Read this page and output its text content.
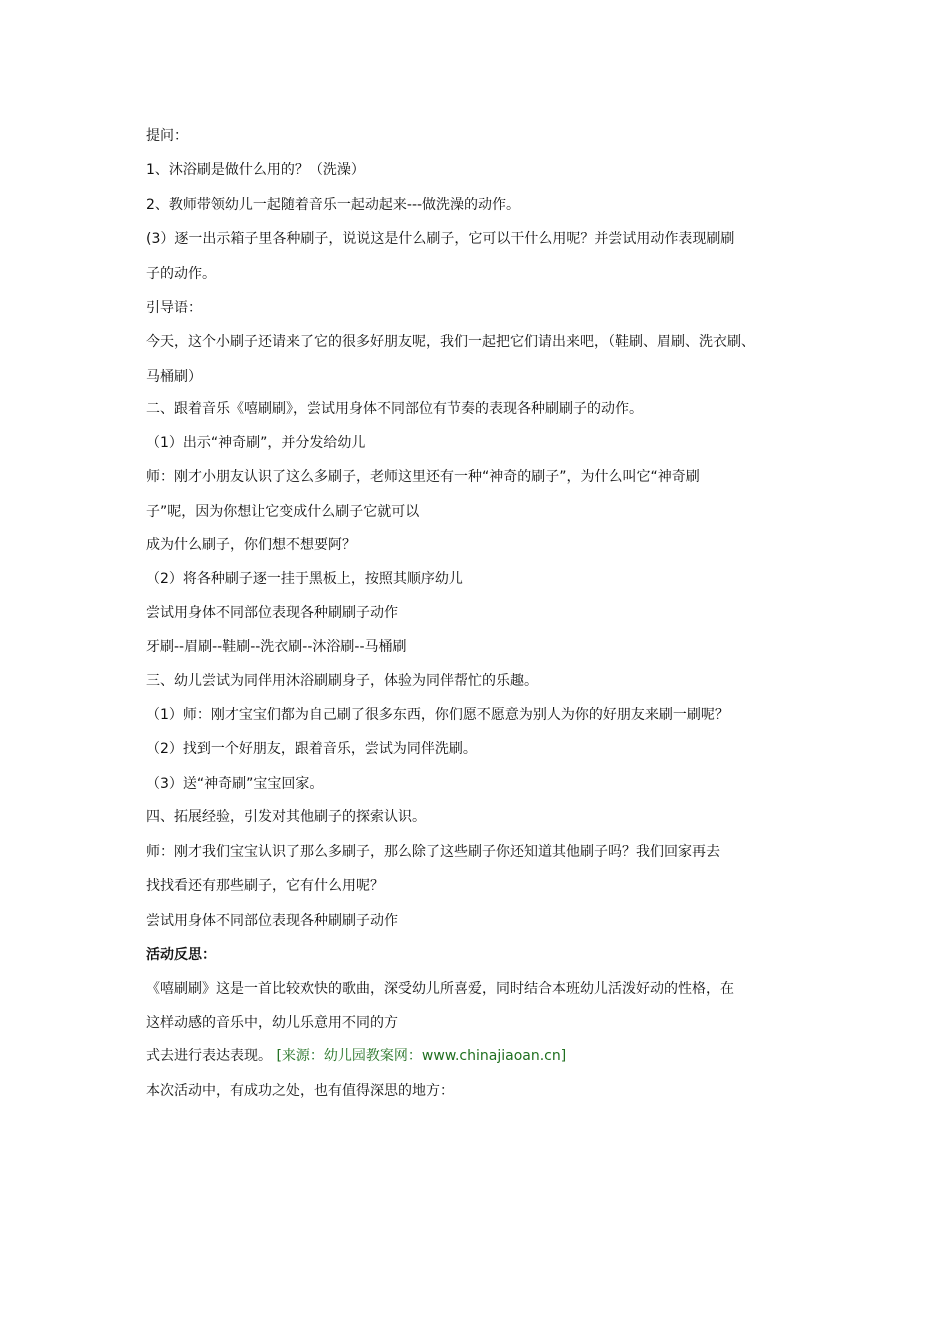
提问：
1、沐浴刷是做什么用的？（洗澡）
2、教师带领幼儿一起随着音乐一起动起来---做洗澡的动作。
(3）逐一出示箱子里各种刷子，说说这是什么刷子，它可以干什么用呢？并尝试用动作表现刷刷
子的动作。
引导语：
今天，这个小刷子还请来了它的很多好朋友呢，我们一起把它们请出来吧，（鞋刷、眉刷、洗衣刷、
马桶刷）
二、跟着音乐《嘻刷刷》，尝试用身体不同部位有节奏的表现各种刷刷子的动作。
（1）出示“神奇刷”，并分发给幼儿
师：刚才小朋友认识了这么多刷子，老师这里还有一种“神奇的刷子”，为什么叫它“神奇刷
子”呢，因为你想让它变成什么刷子它就可以
成为什么刷子，你们想不想要阿？
（2）将各种刷子逐一挂于黑板上，按照其顺序幼儿
尝试用身体不同部位表现各种刷刷子动作
牙刷--眉刷--鞋刷--洗衣刷--沐浴刷--马桶刷
三、幼儿尝试为同伴用沐浴刷刷身子，体验为同伴帮忙的乐趣。
（1）师：刚才宝宝们都为自己刷了很多东西，你们愿不愿意为别人为你的好朋友来刷一刷呢？
（2）找到一个好朋友，跟着音乐，尝试为同伴洗刷。
（3）送“神奇刷”宝宝回家。
四、拓展经验，引发对其他刷子的探索认识。
师：刚才我们宝宝认识了那么多刷子，那么除了这些刷子你还知道其他刷子吗？我们回家再去
找找看还有那些刷子，它有什么用呢？
尝试用身体不同部位表现各种刷刷子动作
活动反思：
《嘻刷刷》这是一首比较欢快的歌曲，深受幼儿所喜爱，同时结合本班幼儿活泼好动的性格，在
这样动感的音乐中，幼儿乐意用不同的方
式去进行表达表现。 [来源：幼儿园教案网：www.chinajiaoan.cn]
本次活动中，有成功之处，也有值得深思的地方：
